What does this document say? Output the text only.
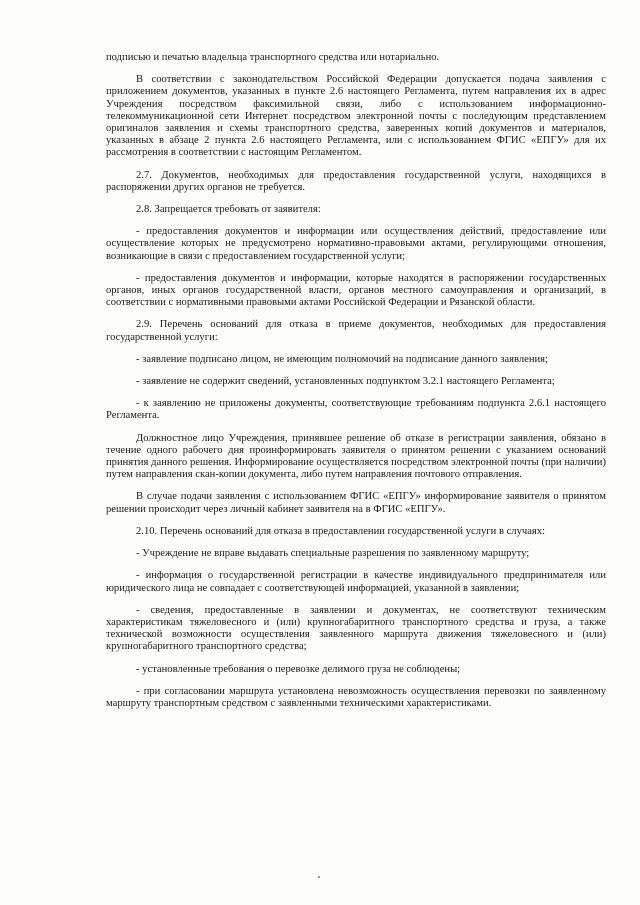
подписью и печатью владельца транспортного средства или нотариально.

В соответствии с законодательством Российской Федерации допускается подача заявления с приложением документов, указанных в пункте 2.6 настоящего Регламента, путем направления их в адрес Учреждения посредством факсимильной связи, либо с использованием информационно-телекоммуникационной сети Интернет посредством электронной почты с последующим представлением оригиналов заявления и схемы транспортного средства, заверенных копий документов и материалов, указанных в абзаце 2 пункта 2.6 настоящего Регламента, или с использованием ФГИС «ЕПГУ» для их рассмотрения в соответствии с настоящим Регламентом.

2.7. Документов, необходимых для предоставления государственной услуги, находящихся в распоряжении других органов не требуется.

2.8. Запрещается требовать от заявителя:

- предоставления документов и информации или осуществления действий, предоставление или осуществление которых не предусмотрено нормативно-правовыми актами, регулирующими отношения, возникающие в связи с предоставлением государственной услуги;

- предоставления документов и информации, которые находятся в распоряжении государственных органов, иных органов государственной власти, органов местного самоуправления и организаций, в соответствии с нормативными правовыми актами Российской Федерации и Рязанской области.

2.9. Перечень оснований для отказа в приеме документов, необходимых для предоставления государственной услуги:

- заявление подписано лицом, не имеющим полномочий на подписание данного заявления;

- заявление не содержит сведений, установленных подпунктом 3.2.1 настоящего Регламента;

- к заявлению не приложены документы, соответствующие требованиям подпункта 2.6.1 настоящего Регламента.

Должностное лицо Учреждения, принявшее решение об отказе в регистрации заявления, обязано в течение одного рабочего дня проинформировать заявителя о принятом решении с указанием оснований принятия данного решения. Информирование осуществляется посредством электронной почты (при наличии) путем направления скан-копии документа, либо путем направления почтового отправления.

В случае подачи заявления с использованием ФГИС «ЕПГУ» информирование заявителя о принятом решении происходит через личный кабинет заявителя на в ФГИС «ЕПГУ».

2.10. Перечень оснований для отказа в предоставлении государственной услуги в случаях:

- Учреждение не вправе выдавать специальные разрешения по заявленному маршруту;

- информация о государственной регистрации в качестве индивидуального предпринимателя или юридического лица не совпадает с соответствующей информацией, указанной в заявлении;

- сведения, предоставленные в заявлении и документах, не соответствуют техническим характеристикам тяжеловесного и (или) крупногабаритного транспортного средства и груза, а также технической возможности осуществления заявленного маршрута движения тяжеловесного и (или) крупногабаритного транспортного средства;

- установленные требования о перевозке делимого груза не соблюдены;

- при согласовании маршрута установлена невозможность осуществления перевозки по заявленному маршруту транспортным средством с заявленными техническими характеристиками.
